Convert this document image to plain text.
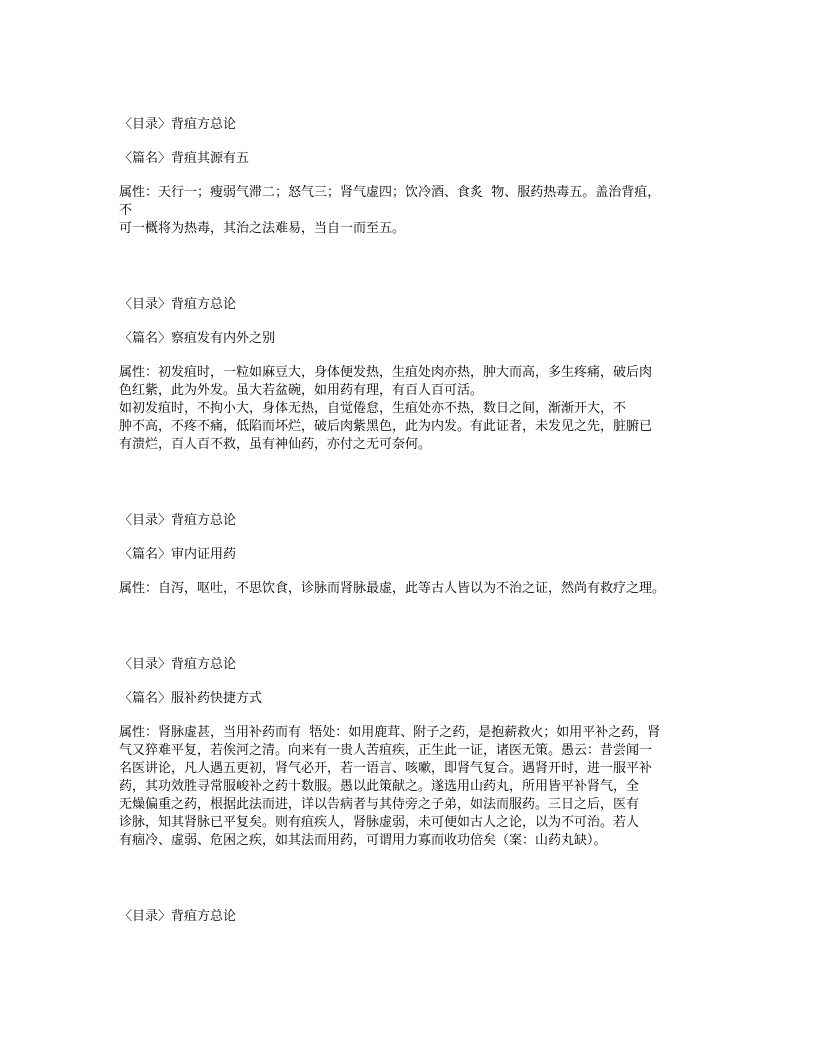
〈目录〉背疽方总论

〈篇名〉背疽其源有五

属性：天行一；瘦弱气滞二；怒气三；肾气虚四；饮冷酒、食炙  物、服药热毒五。盖治背疽，

不

可一概将为热毒，其治之法难易，当自一而至五。

〈目录〉背疽方总论

〈篇名〉察疽发有内外之别

属性：初发疽时，一粒如麻豆大，身体便发热，生疽处肉亦热，肿大而高，多生疼痛，破后肉

色红紫，此为外发。虽大若盆碗，如用药有理，有百人百可活。

如初发疽时，不拘小大，身体无热，自觉倦怠，生疽处亦不热，数日之间，渐渐开大，不

肿不高，不疼不痛，低陷而坏烂，破后肉紫黑色，此为内发。有此证者，未发见之先，脏腑已

有溃烂，百人百不救，虽有神仙药，亦付之无可奈何。

〈目录〉背疽方总论

〈篇名〉审内证用药

属性：自泻，呕吐，不思饮食，诊脉而肾脉最虚，此等古人皆以为不治之证，然尚有救疗之理。

〈目录〉背疽方总论

〈篇名〉服补药快捷方式

属性：肾脉虚甚，当用补药而有  牾处：如用鹿茸、附子之药，是抱薪救火；如用平补之药，肾

气又猝难平复，若俟河之清。向来有一贵人苦疽疾，正生此一证，诸医无策。愚云：昔尝闻一

名医讲论，凡人遇五更初，肾气必开，若一语言、咳嗽，即肾气复合。遇肾开时，进一服平补

药，其功效胜寻常服峻补之药十数服。愚以此策献之。遂选用山药丸，所用皆平补肾气，全

无燥偏重之药，根据此法而进，详以告病者与其侍旁之子弟，如法而服药。三日之后，医有

诊脉，知其肾脉已平复矣。则有疽疾人，肾脉虚弱，未可便如古人之论，以为不可治。若人

有痼冷、虚弱、危困之疾，如其法而用药，可谓用力寡而收功倍矣（案：山药丸缺）。

〈目录〉背疽方总论
